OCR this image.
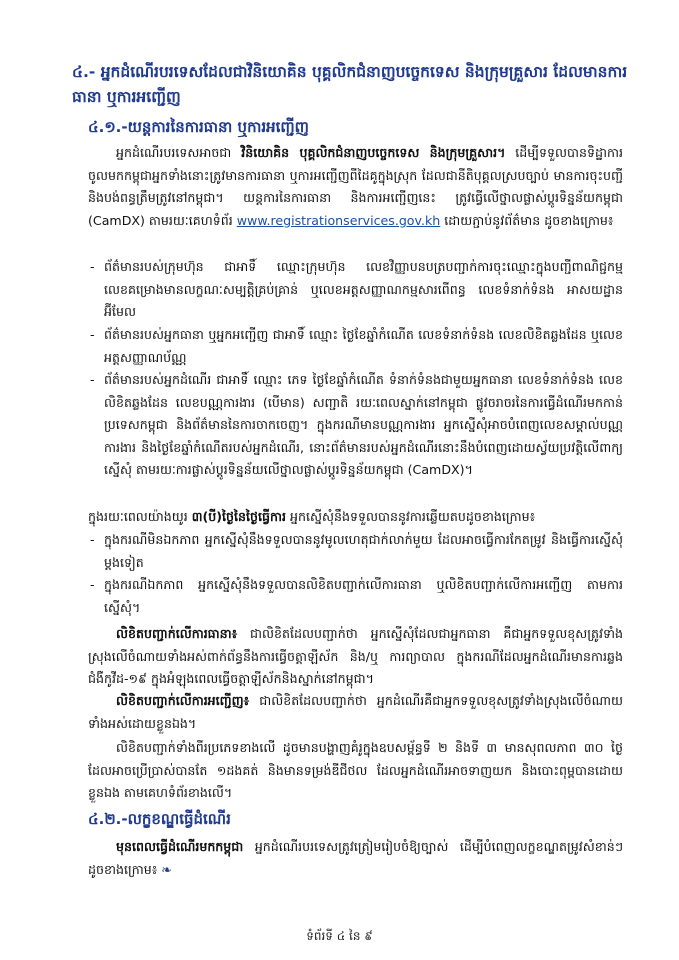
៤.- អ្នកដំណើរបរទេសដែលជាវិនិយោគិន បុគ្គលិកជំនាញបច្ចេកទេស និងក្រុមគ្រួសារ ដែលមានការធានា ឬការអញ្ជើញ
៤.១.-យន្តការនៃការធានា ឬការអញ្ជើញ
អ្នកដំណើរបរទេសអាចជា វិនិយោគិន បុគ្គលិកជំនាញបច្ចេកទេស និងក្រុមគ្រួសារ។ ដើម្បីទទួលបានទិដ្ឋាការចូលមកកម្ពុជាអ្នកទាំងនោះត្រូវមានការធានា ឬការអញ្ជើញពីដៃគូក្នុងស្រុក ដែលជានីតិបុគ្គលស្របច្បាប់ មានការចុះបញ្ជី និងបង់ពន្ធត្រឹមត្រូវនៅកម្ពុជា។ យន្តការនៃការធានា និងការអញ្ជើញនេះ ត្រូវធ្វើលើថ្នាលផ្លាស់ប្តូរទិន្នន័យកម្ពុជា (CamDX) តាមរយៈគេហទំព័រ www.registrationservices.gov.kh ដោយភ្ជាប់នូវព័ត៌មាន ដូចខាងក្រោម៖
- ព័ត៌មានរបស់ក្រុមហ៊ុន ជាអាទិ៍ ឈ្មោះក្រុមហ៊ុន លេខវិញ្ញាបនបត្របញ្ជាក់ការចុះឈ្មោះក្នុងបញ្ជីពាណិជ្ជកម្ម លេខគម្រោងមានលក្ខណៈសម្បត្តិគ្រប់គ្រាន់ ឬលេខអត្តសញ្ញាណកម្មសារពើពន្ធ លេខទំនាក់ទំនង អាសយដ្ឋាន អ៊ីមែល
- ព័ត៌មានរបស់អ្នកធានា ឬអ្នកអញ្ជើញ ជាអាទិ៍ ឈ្មោះ ថ្ងៃខែឆ្នាំកំណើត លេខទំនាក់ទំនង លេខលិខិតឆ្លងដែន ឬលេខអត្តសញ្ញាណប័ណ្ណ
- ព័ត៌មានរបស់អ្នកដំណើរ ជាអាទិ៍ ឈ្មោះ ភេទ ថ្ងៃខែឆ្នាំកំណើត ទំនាក់ទំនងជាមួយអ្នកធានា លេខទំនាក់ទំនង លេខលិខិតឆ្លងដែន លេខបណ្ណការងារ (បើមាន) សញ្ជាតិ រយៈពេលស្នាក់នៅកម្ពុជា ផ្លូវចរាចរនៃការធ្វើដំណើរមកកាន់ប្រទេសកម្ពុជា និងព័ត៌មាននៃការចាកចេញ។ ក្នុងករណីមានបណ្ណការងារ អ្នកស្នើសុំអាចបំពេញលេខសម្គាល់បណ្ណការងារ និងថ្ងៃខែឆ្នាំកំណើតរបស់អ្នកដំណើរ, នោះព័ត៌មានរបស់អ្នកដំណើរនោះនឹងបំពេញដោយស្វ័យប្រវត្តិលើពាក្យស្នើសុំ តាមរយៈការផ្លាស់ប្តូរទិន្នន័យលើថ្នាលផ្លាស់ប្តូរទិន្នន័យកម្ពុជា (CamDX)។
ក្នុងរយៈពេលយ៉ាងយូរ ៣(បី)ថ្ងៃនៃថ្ងៃធ្វើការ អ្នកស្នើសុំនឹងទទួលបាននូវការឆ្លើយតបដូចខាងក្រោម៖
- ក្នុងករណីមិនឯកភាព អ្នកស្នើសុំនឹងទទួលបាននូវមូលហេតុជាក់លាក់មួយ ដែលអាចធ្វើការកែតម្រូវ និងធ្វើការស្នើសុំម្តងទៀត
- ក្នុងករណីឯកភាព អ្នកស្នើសុំនឹងទទួលបានលិខិតបញ្ជាក់លើការធានា ឬលិខិតបញ្ជាក់លើការអញ្ជើញ តាមការស្នើសុំ។
លិខិតបញ្ជាក់លើការធានា៖ ជាលិខិតដែលបញ្ជាក់ថា អ្នកស្នើសុំដែលជាអ្នកធានា គឺជាអ្នកទទួលខុសត្រូវទាំងស្រុងលើចំណាយទាំងអស់ពាក់ព័ន្ធនឹងការធ្វើចត្តាឡីស័ក និង/ឬ ការព្យាបាល ក្នុងករណីដែលអ្នកដំណើរមានការឆ្លងជំងឺកូវីដ-១៩ ក្នុងអំឡុងពេលធ្វើចត្តាឡីស័កនិងស្នាក់នៅកម្ពុជា។
លិខិតបញ្ជាក់លើការអញ្ជើញ៖ ជាលិខិតដែលបញ្ជាក់ថា អ្នកដំណើរគឺជាអ្នកទទួលខុសត្រូវទាំងស្រុងលើចំណាយទាំងអស់ដោយខ្លួនឯង។
លិខិតបញ្ជាក់ទាំងពីរប្រភេទខាងលើ ដូចមានបង្ហាញគំរូក្នុងឧបសម្ព័ន្ធទី ២ និងទី ៣ មានសុពលភាព ៣០ ថ្ងៃ ដែលអាចប្រើប្រាស់បានតែ ១ដងគត់ និងមានទម្រង់ឌីជីថល ដែលអ្នកដំណើរអាចទាញយក និងបោះពុម្ពបានដោយខ្លួនឯង តាមគេហទំព័រខាងលើ។
៤.២.-លក្ខខណ្ឌធ្វើដំណើរ
មុនពេលធ្វើដំណើរមកកម្ពុជា អ្នកដំណើរបរទេសត្រូវត្រៀមរៀបចំឱ្យច្បាស់ ដើម្បីបំពេញលក្ខខណ្ឌតម្រូវសំខាន់ៗ ដូចខាងក្រោម៖ ❧
ទំព័រទី ៤ នៃ ៩
